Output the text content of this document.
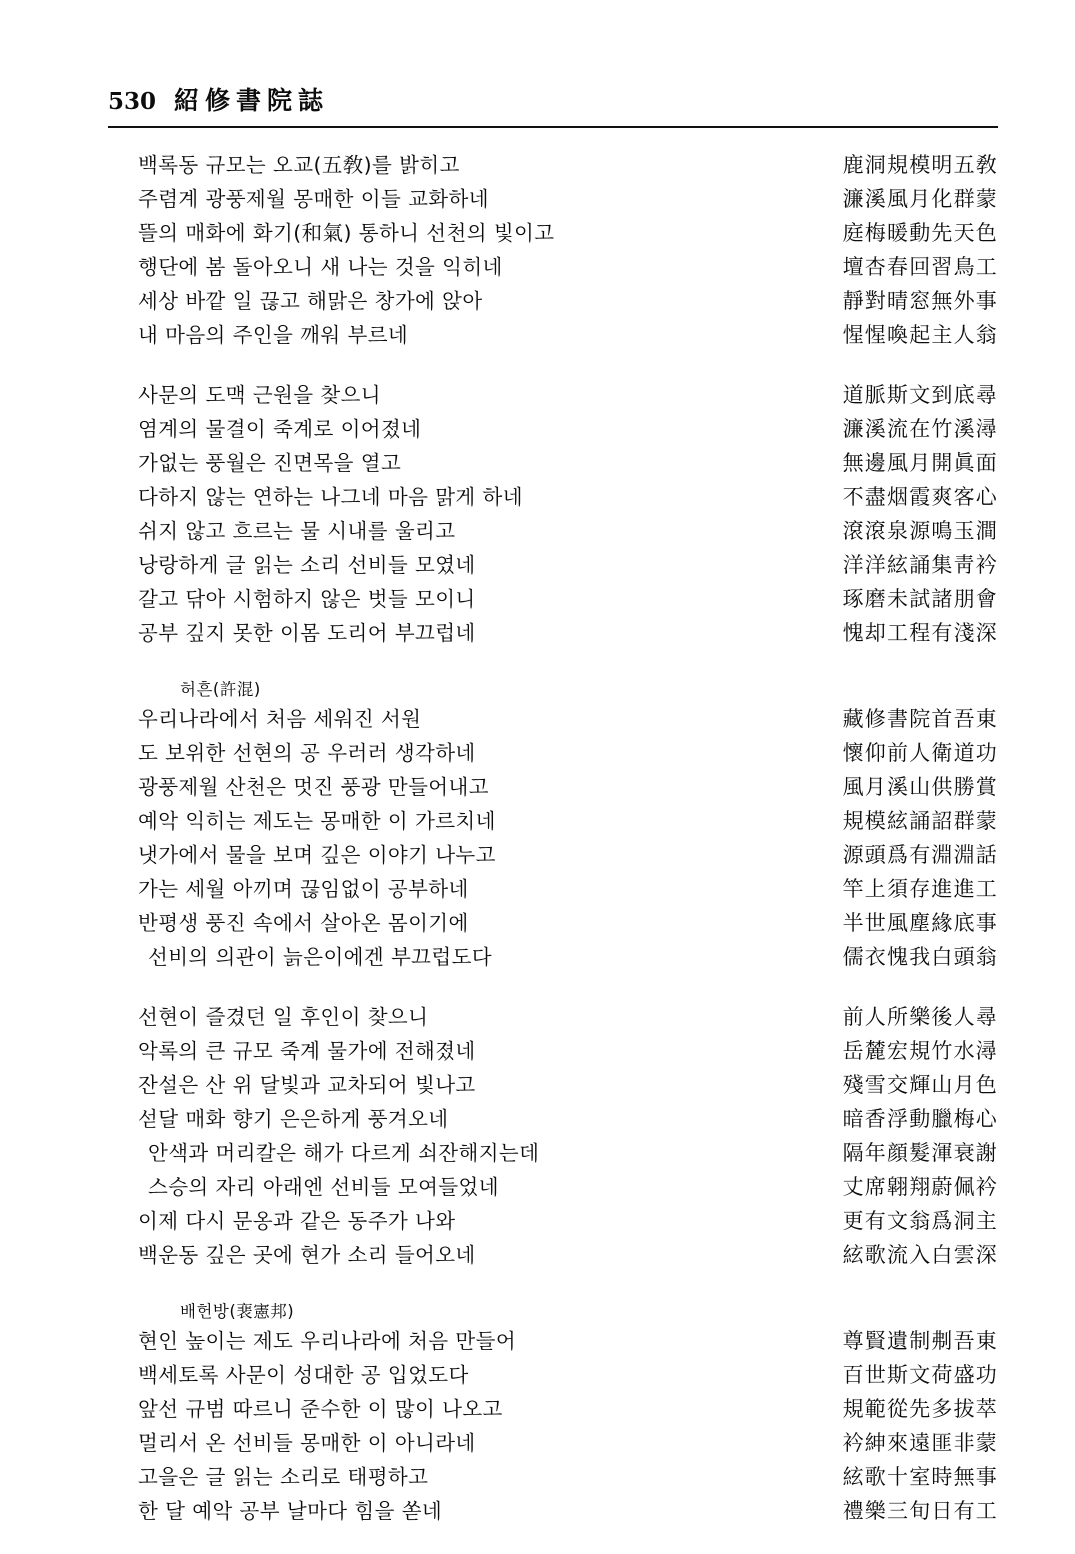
530 紹修書院誌
백록동 규모는 오교(五敎)를 밝히고	鹿洞規模明五敎
주렴계 광풍제월 몽매한 이들 교화하네	濂溪風月化群蒙
뜰의 매화에 화기(和氣) 통하니 선천의 빛이고	庭梅暖動先天色
행단에 봄 돌아오니 새 나는 것을 익히네	壇杏春回習鳥工
세상 바깥 일 끊고 해맑은 창가에 앉아	靜對晴窓無外事
내 마음의 주인을 깨워 부르네	惺惺喚起主人翁
사문의 도맥 근원을 찾으니	道脈斯文到底尋
염계의 물결이 죽계로 이어졌네	濂溪流在竹溪潯
가없는 풍월은 진면목을 열고	無邊風月開眞面
다하지 않는 연하는 나그네 마음 맑게 하네	不盡烟霞爽客心
쉬지 않고 흐르는 물 시내를 울리고	滾滾泉源鳴玉澗
낭랑하게 글 읽는 소리 선비들 모였네	洋洋絃誦集靑衿
갈고 닦아 시험하지 않은 벗들 모이니	琢磨未試諸朋會
공부 깊지 못한 이몸 도리어 부끄럽네	愧却工程有淺深
허흔(許混)
우리나라에서 처음 세워진 서원	藏修書院首吾東
도 보위한 선현의 공 우러러 생각하네	懷仰前人衛道功
광풍제월 산천은 멋진 풍광 만들어내고	風月溪山供勝賞
예악 익히는 제도는 몽매한 이 가르치네	規模絃誦詔群蒙
냇가에서 물을 보며 깊은 이야기 나누고	源頭爲有淵淵話
가는 세월 아끼며 끊임없이 공부하네	竿上須存進進工
반평생 풍진 속에서 살아온 몸이기에	半世風塵緣底事
선비의 의관이 늙은이에겐 부끄럽도다	儒衣愧我白頭翁
선현이 즐겼던 일 후인이 찾으니	前人所樂後人尋
악록의 큰 규모 죽계 물가에 전해졌네	岳麓宏規竹水潯
잔설은 산 위 달빛과 교차되어 빛나고	殘雪交輝山月色
섣달 매화 향기 은은하게 풍겨오네	暗香浮動臘梅心
안색과 머리칼은 해가 다르게 쇠잔해지는데	隔年顔髮渾衰謝
스승의 자리 아래엔 선비들 모여들었네	丈席翶翔蔚佩衿
이제 다시 문옹과 같은 동주가 나와	更有文翁爲洞主
백운동 깊은 곳에 현가 소리 들어오네	絃歌流入白雲深
배헌방(裵憲邦)
현인 높이는 제도 우리나라에 처음 만들어	尊賢遺制刜吾東
백세토록 사문이 성대한 공 입었도다	百世斯文荷盛功
앞선 규범 따르니 준수한 이 많이 나오고	規範從先多拔萃
멀리서 온 선비들 몽매한 이 아니라네	衿紳來遠匪非蒙
고을은 글 읽는 소리로 태평하고	絃歌十室時無事
한 달 예악 공부 날마다 힘을 쏟네	禮樂三旬日有工
